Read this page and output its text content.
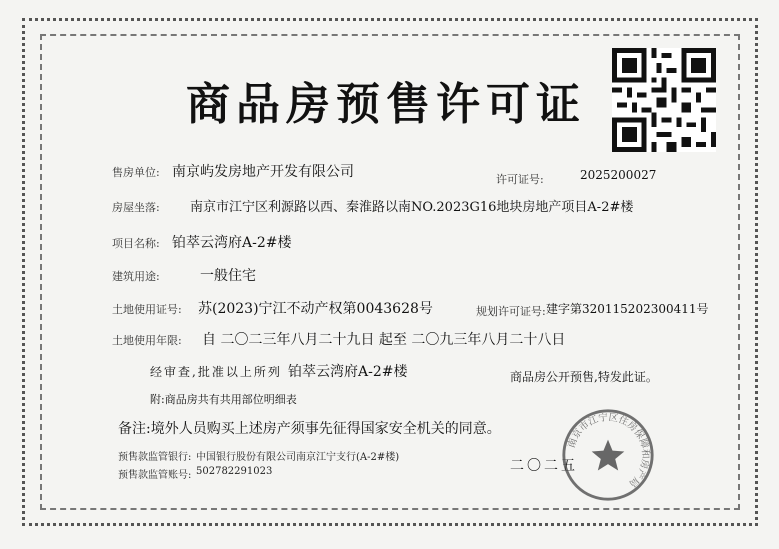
商品房预售许可证
售房单位: 南京屿发房地产开发有限公司	许可证号:	2025200027
房屋坐落: 南京市江宁区利源路以西、秦淮路以南NO.2023G16地块房地产项目A-2#楼
项目名称: 铂萃云湾府A-2#楼
建筑用途:	一般住宅
土地使用证号: 苏(2023)宁江不动产权第0043628号	规划许可证号: 建字第320115202300411号
土地使用年限: 自 二〇二三年八月二十九日 起至 二〇九三年八月二十八日
经审查,批准以上所列 铂萃云湾府A-2#楼	商品房公开预售,特发此证。
附:商品房共有共用部位明细表
备注:境外人员购买上述房产须事先征得国家安全机关的同意。
预售款监管银行: 中国银行股份有限公司南京江宁支行(A-2#楼)
预售款监管账号: 502782291023	二〇二五
南京市江宁区住房保障和房产局
